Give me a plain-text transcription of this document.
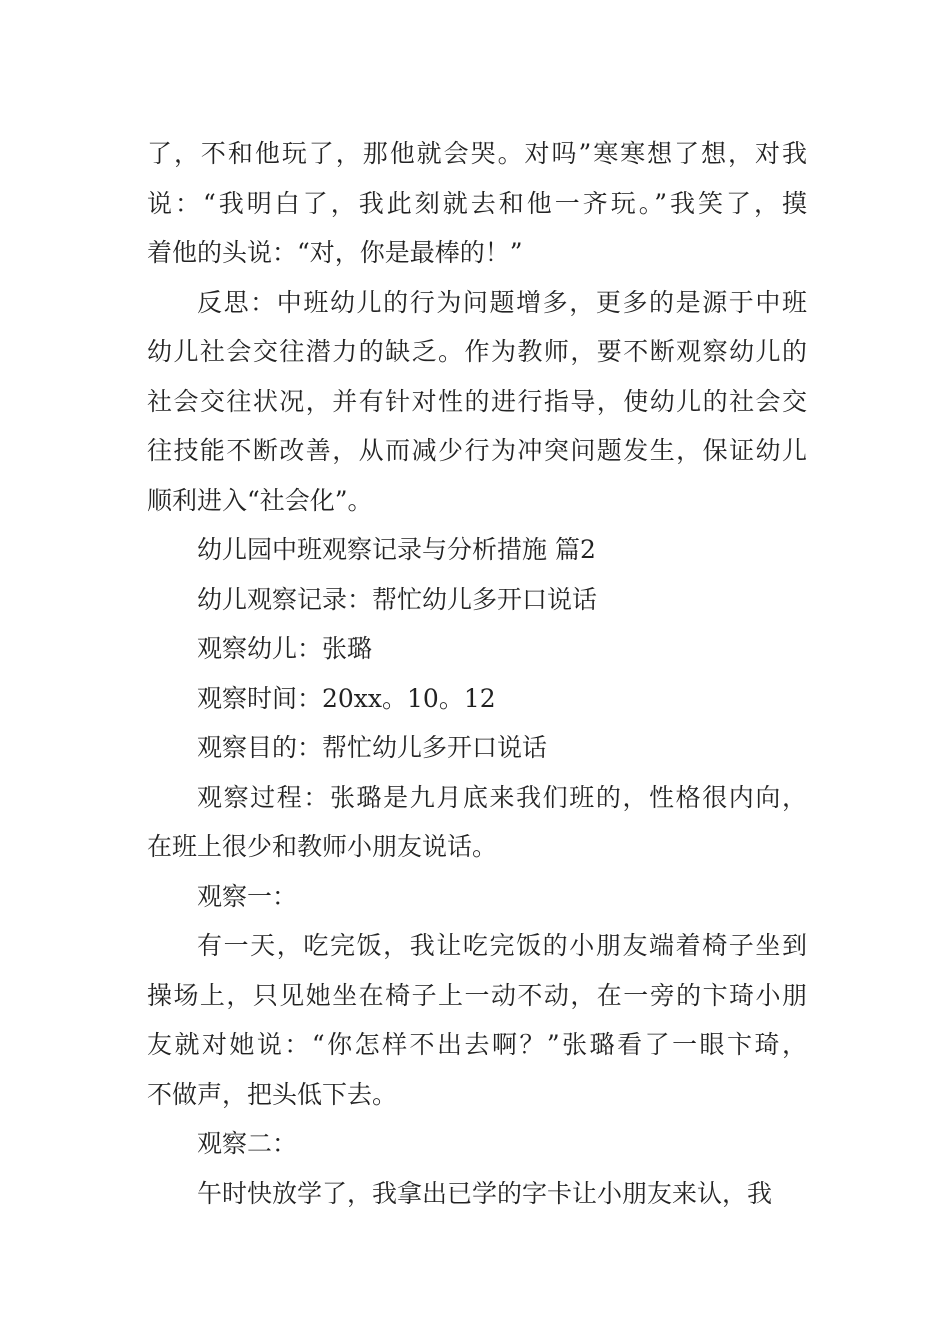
了，不和他玩了，那他就会哭。对吗”寒寒想了想，对我
说：“我明白了，我此刻就去和他一齐玩。”我笑了，摸
着他的头说：“对，你是最棒的！”
反思：中班幼儿的行为问题增多，更多的是源于中班
幼儿社会交往潜力的缺乏。作为教师，要不断观察幼儿的
社会交往状况，并有针对性的进行指导，使幼儿的社会交
往技能不断改善，从而减少行为冲突问题发生，保证幼儿
顺利进入“社会化”。
幼儿园中班观察记录与分析措施 篇2
幼儿观察记录：帮忙幼儿多开口说话
观察幼儿：张璐
观察时间：20xx。10。12
观察目的：帮忙幼儿多开口说话
观察过程：张璐是九月底来我们班的，性格很内向，
在班上很少和教师小朋友说话。
观察一：
有一天，吃完饭，我让吃完饭的小朋友端着椅子坐到
操场上，只见她坐在椅子上一动不动，在一旁的卞琦小朋
友就对她说：“你怎样不出去啊？”张璐看了一眼卞琦，
不做声，把头低下去。
观察二：
午时快放学了，我拿出已学的字卡让小朋友来认，我
